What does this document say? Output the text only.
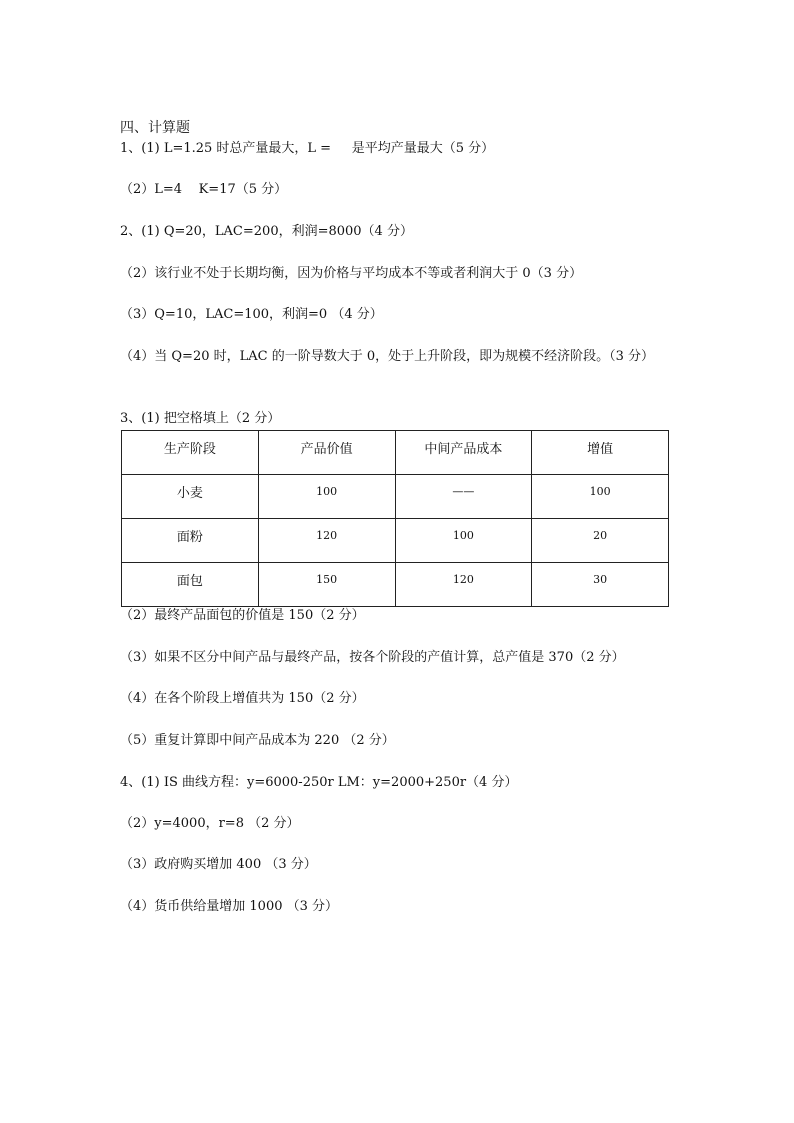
四、计算题
1、(1) L=1.25 时总产量最大，L =     是平均产量最大（5 分）
（2）L=4    K=17（5 分）
2、(1) Q=20，LAC=200，利润=8000（4 分）
（2）该行业不处于长期均衡，因为价格与平均成本不等或者利润大于 0（3 分）
（3）Q=10，LAC=100，利润=0 （4 分）
（4）当 Q=20 时，LAC 的一阶导数大于 0，处于上升阶段，即为规模不经济阶段。（3 分）
3、(1) 把空格填上（2 分）
生产阶段	产品价值	中间产品成本	增值
小麦	100	——	100
面粉	120	100	20
面包	150	120	30
（2）最终产品面包的价值是 150（2 分）
（3）如果不区分中间产品与最终产品，按各个阶段的产值计算，总产值是 370（2 分）
（4）在各个阶段上增值共为 150（2 分）
（5）重复计算即中间产品成本为 220 （2 分）
4、(1) IS 曲线方程：y=6000-250r LM：y=2000+250r（4 分）
（2）y=4000，r=8 （2 分）
（3）政府购买增加 400 （3 分）
（4）货币供给量增加 1000 （3 分）
